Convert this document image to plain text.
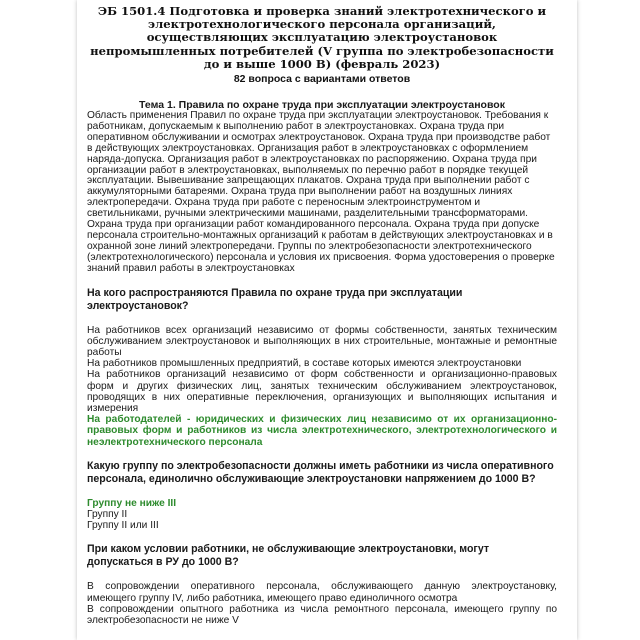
ЭБ 1501.4 Подготовка и проверка знаний электротехнического и электротехнологического персонала организаций, осуществляющих эксплуатацию электроустановок непромышленных потребителей (V группа по электробезопасности до и выше 1000 В) (февраль 2023)

82 вопроса с вариантами ответов

Тема 1. Правила по охране труда при эксплуатации электроустановок

Область применения Правил по охране труда при эксплуатации электроустановок. Требования к работникам, допускаемым к выполнению работ в электроустановках. Охрана труда при оперативном обслуживании и осмотрах электроустановок. Охрана труда при производстве работ в действующих электроустановках. Организация работ в электроустановках с оформлением наряда-допуска. Организация работ в электроустановках по распоряжению. Охрана труда при организации работ в электроустановках, выполняемых по перечню работ в порядке текущей эксплуатации. Вывешивание запрещающих плакатов. Охрана труда при выполнении работ с аккумуляторными батареями. Охрана труда при выполнении работ на воздушных линиях электропередачи. Охрана труда при работе с переносным электроинструментом и светильниками, ручными электрическими машинами, разделительными трансформаторами. Охрана труда при организации работ командированного персонала. Охрана труда при допуске персонала строительно-монтажных организаций к работам в действующих электроустановках и в охранной зоне линий электропередачи. Группы по электробезопасности электротехнического (электротехнологического) персонала и условия их присвоения. Форма удостоверения о проверке знаний правил работы в электроустановках

На кого распространяются Правила по охране труда при эксплуатации электроустановок?

На работников всех организаций независимо от формы собственности, занятых техническим обслуживанием электроустановок и выполняющих в них строительные, монтажные и ремонтные работы

На работников промышленных предприятий, в составе которых имеются электроустановки

На работников организаций независимо от форм собственности и организационно-правовых форм и других физических лиц, занятых техническим обслуживанием электроустановок, проводящих в них оперативные переключения, организующих и выполняющих испытания и измерения

На работодателей - юридических и физических лиц независимо от их организационно-правовых форм и работников из числа электротехнического, электротехнологического и неэлектротехнического персонала

Какую группу по электробезопасности должны иметь работники из числа оперативного персонала, единолично обслуживающие электроустановки напряжением до 1000 В?

Группу не ниже III

Группу II

Группу II или III

При каком условии работники, не обслуживающие электроустановки, могут допускаться в РУ до 1000 В?

В сопровождении оперативного персонала, обслуживающего данную электроустановку, имеющего группу IV, либо работника, имеющего право единоличного осмотра

В сопровождении опытного работника из числа ремонтного персонала, имеющего группу по электробезопасности не ниже V
